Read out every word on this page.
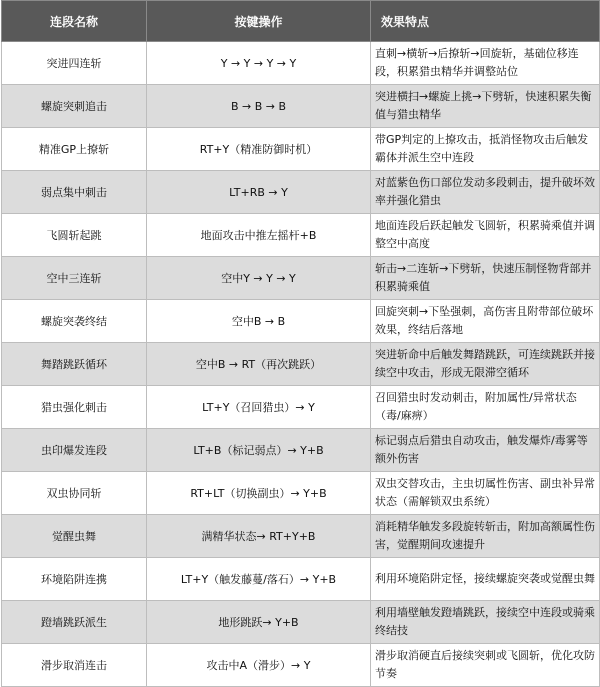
连段名称	按键操作	效果特点
突进四连斩	Y → Y → Y → Y	直刺→横斩→后撩斩→回旋斩，基础位移连段，积累猎虫精华并调整站位
螺旋突刺追击	B → B → B	突进横扫→螺旋上挑→下劈斩，快速积累失衡值与猎虫精华
精准GP上撩斩	RT+Y（精准防御时机）	带GP判定的上撩攻击，抵消怪物攻击后触发霸体并派生空中连段
弱点集中刺击	LT+RB → Y	对蓝紫色伤口部位发动多段刺击，提升破坏效率并强化猎虫
飞圆斩起跳	地面攻击中推左摇杆+B	地面连段后跃起触发飞圆斩，积累骑乘值并调整空中高度
空中三连斩	空中Y → Y → Y	斩击→二连斩→下劈斩，快速压制怪物背部并积累骑乘值
螺旋突袭终结	空中B → B	回旋突刺→下坠强刺，高伤害且附带部位破坏效果，终结后落地
舞踏跳跃循环	空中B → RT（再次跳跃）	突进斩命中后触发舞踏跳跃，可连续跳跃并接续空中攻击，形成无限滞空循环
猎虫强化刺击	LT+Y（召回猎虫）→ Y	召回猎虫时发动刺击，附加属性/异常状态（毒/麻痹）
虫印爆发连段	LT+B（标记弱点）→ Y+B	标记弱点后猎虫自动攻击，触发爆炸/毒雾等额外伤害
双虫协同斩	RT+LT（切换副虫）→ Y+B	双虫交替攻击，主虫切属性伤害、副虫补异常状态（需解锁双虫系统）
觉醒虫舞	满精华状态→ RT+Y+B	消耗精华触发多段旋转斩击，附加高额属性伤害，觉醒期间攻速提升
环境陷阱连携	LT+Y（触发藤蔓/落石）→ Y+B	利用环境陷阱定怪，接续螺旋突袭或觉醒虫舞
蹬墙跳跃派生	地形跳跃→ Y+B	利用墙壁触发蹬墙跳跃，接续空中连段或骑乘终结技
滑步取消连击	攻击中A（滑步）→ Y	滑步取消硬直后接续突刺或飞圆斩，优化攻防节奏
